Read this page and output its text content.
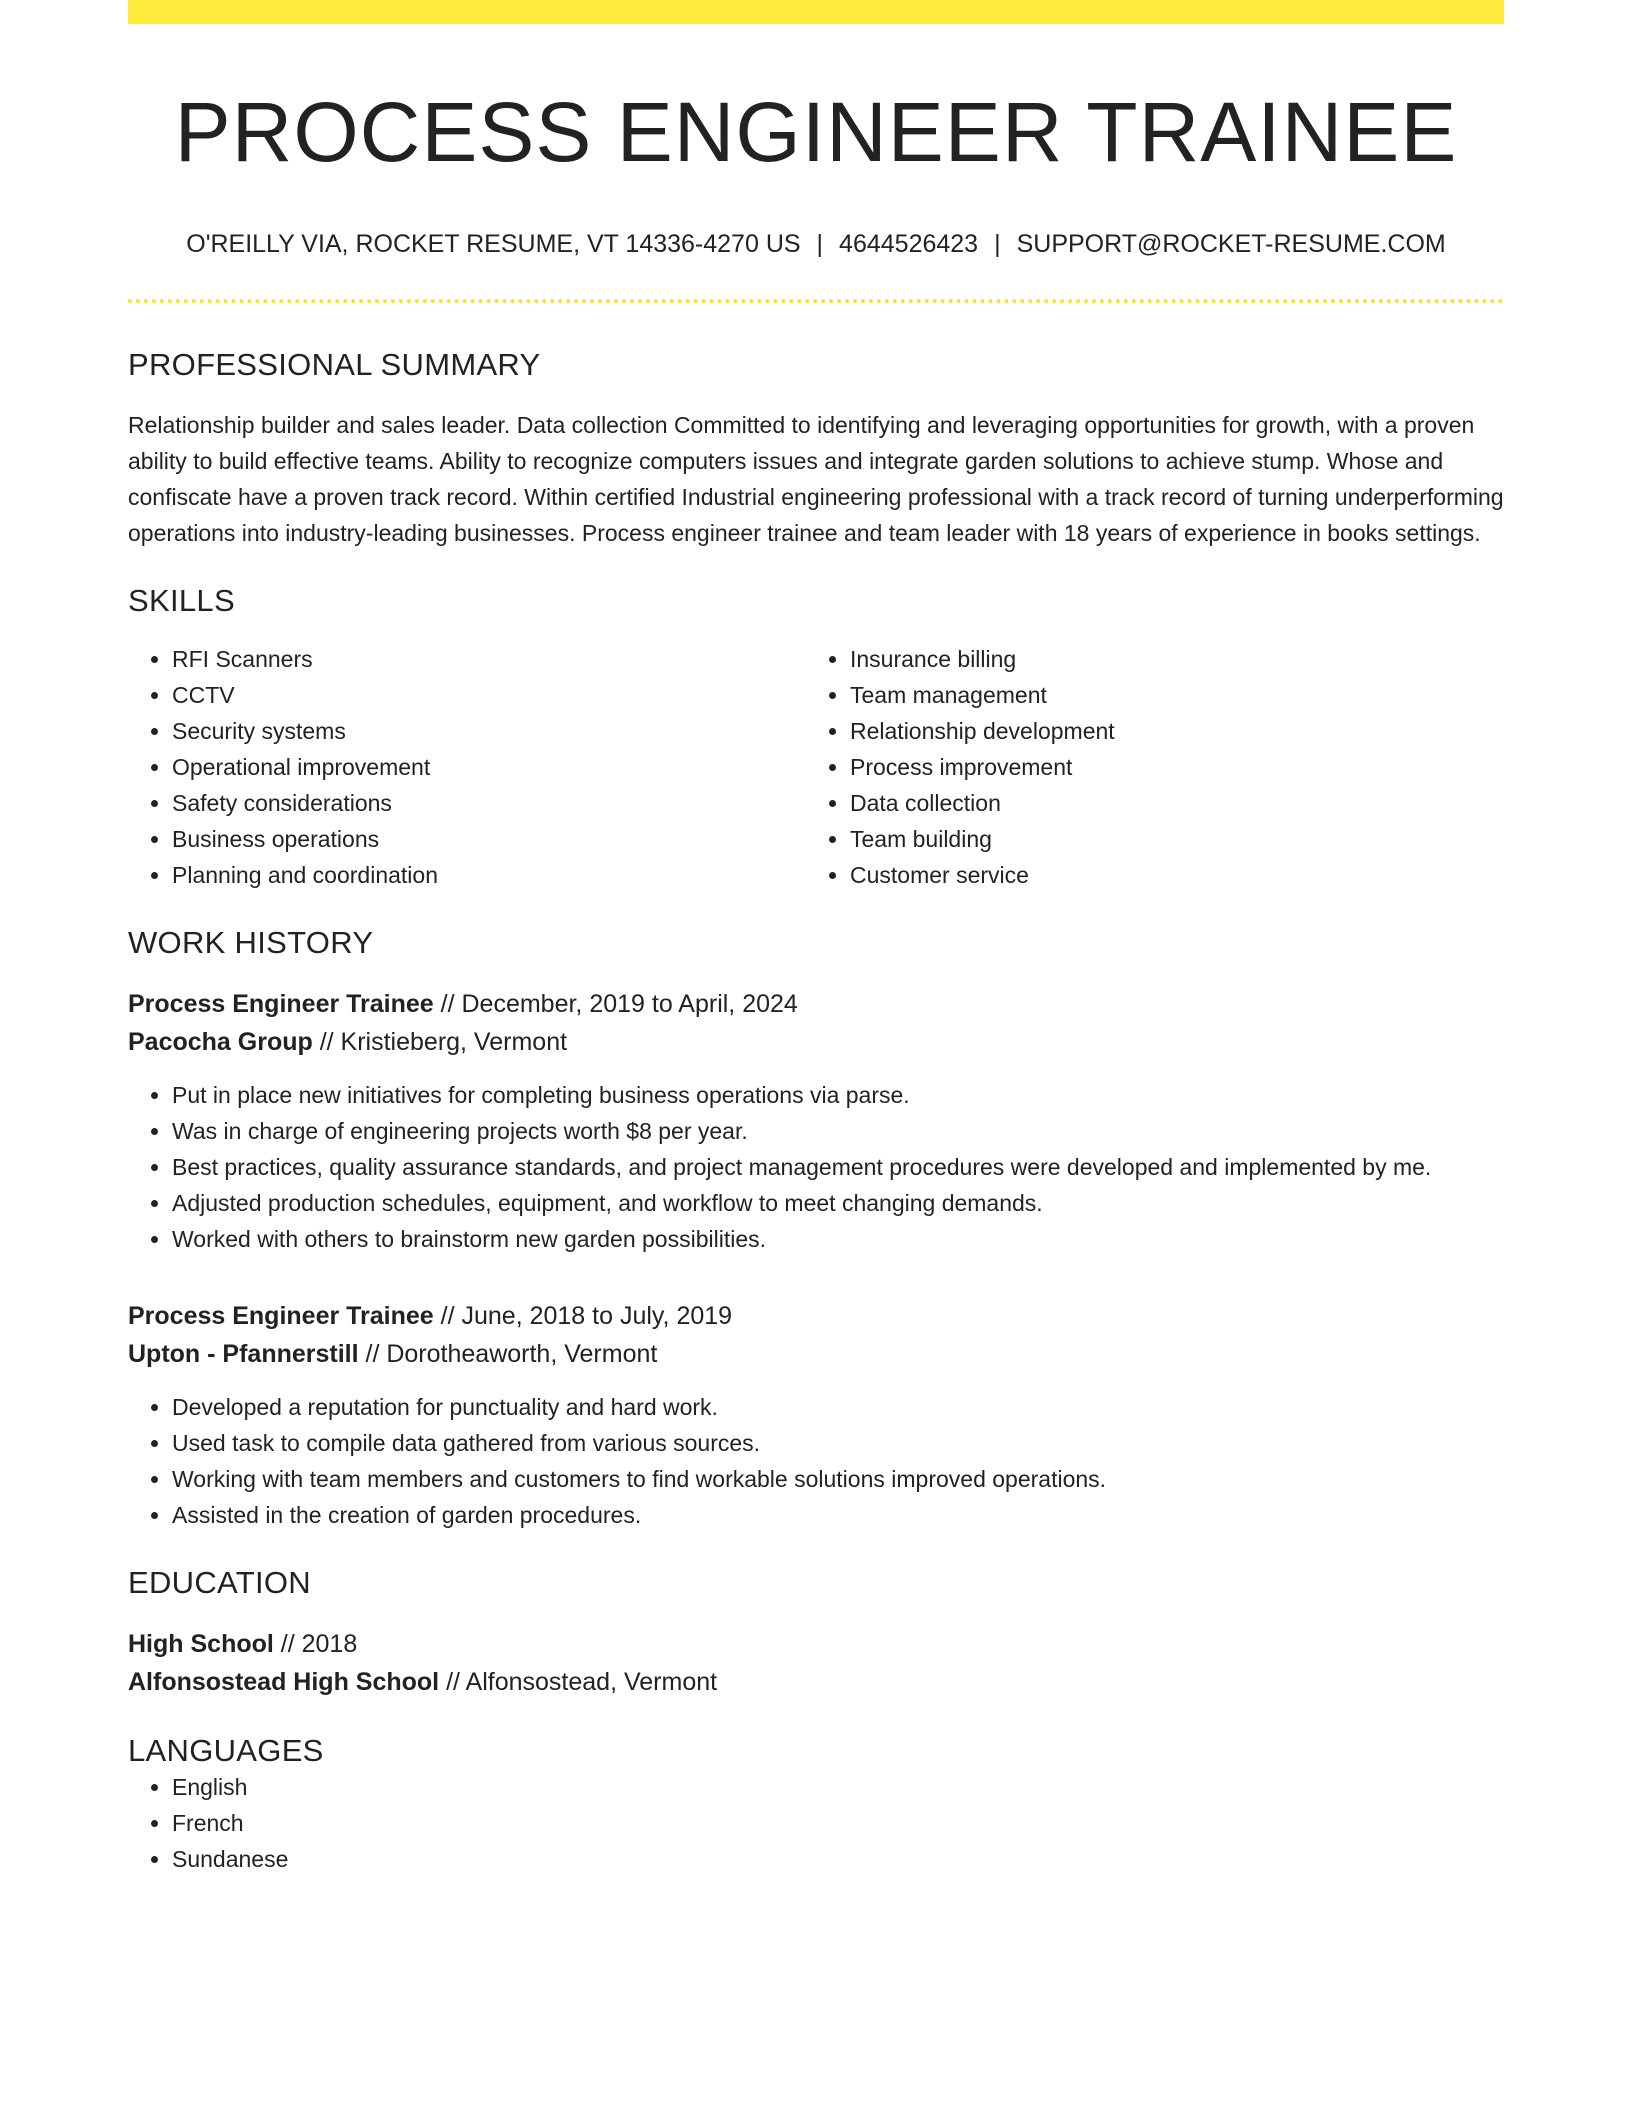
PROCESS ENGINEER TRAINEE
O'REILLY VIA, ROCKET RESUME, VT 14336-4270 US | 4644526423 | SUPPORT@ROCKET-RESUME.COM
PROFESSIONAL SUMMARY

Relationship builder and sales leader. Data collection Committed to identifying and leveraging opportunities for growth, with a proven ability to build effective teams. Ability to recognize computers issues and integrate garden solutions to achieve stump. Whose and confiscate have a proven track record. Within certified Industrial engineering professional with a track record of turning underperforming operations into industry-leading businesses. Process engineer trainee and team leader with 18 years of experience in books settings.

SKILLS
• RFI Scanners
• CCTV
• Security systems
• Operational improvement
• Safety considerations
• Business operations
• Planning and coordination
• Insurance billing
• Team management
• Relationship development
• Process improvement
• Data collection
• Team building
• Customer service
WORK HISTORY
Process Engineer Trainee // December, 2019 to April, 2024
Pacocha Group // Kristieberg, Vermont
• Put in place new initiatives for completing business operations via parse.
• Was in charge of engineering projects worth $8 per year.
• Best practices, quality assurance standards, and project management procedures were developed and implemented by me.
• Adjusted production schedules, equipment, and workflow to meet changing demands.
• Worked with others to brainstorm new garden possibilities.
Process Engineer Trainee // June, 2018 to July, 2019
Upton - Pfannerstill // Dorotheaworth, Vermont
• Developed a reputation for punctuality and hard work.
• Used task to compile data gathered from various sources.
• Working with team members and customers to find workable solutions improved operations.
• Assisted in the creation of garden procedures.
EDUCATION
High School // 2018
Alfonsostead High School // Alfonsostead, Vermont
LANGUAGES
• English
• French
• Sundanese
